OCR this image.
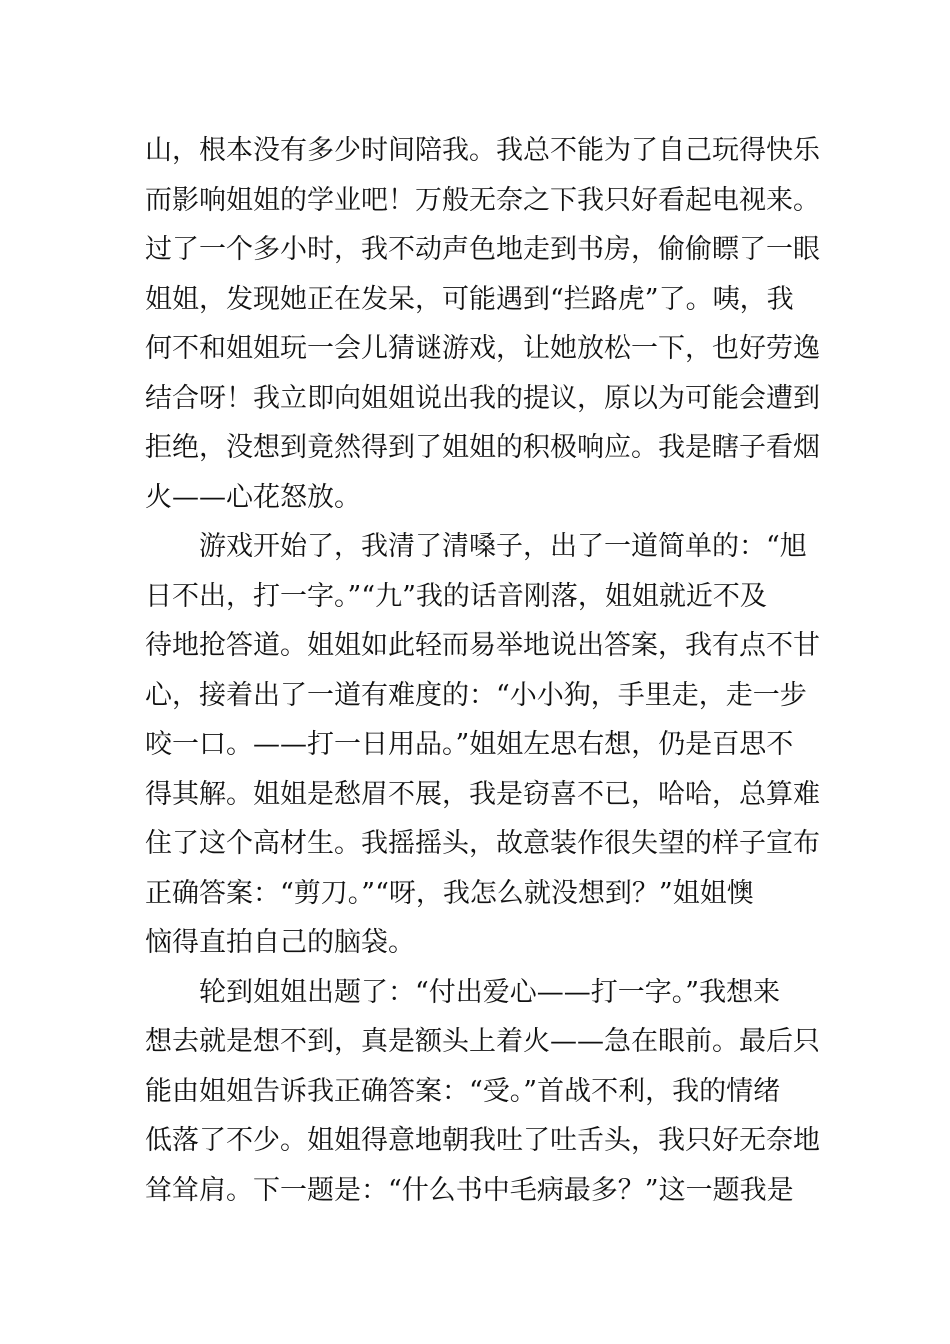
山，根本没有多少时间陪我。我总不能为了自己玩得快乐
而影响姐姐的学业吧！万般无奈之下我只好看起电视来。
过了一个多小时，我不动声色地走到书房，偷偷瞟了一眼
姐姐，发现她正在发呆，可能遇到“拦路虎”了。咦，我
何不和姐姐玩一会儿猜谜游戏，让她放松一下，也好劳逸
结合呀！我立即向姐姐说出我的提议，原以为可能会遭到
拒绝，没想到竟然得到了姐姐的积极响应。我是瞎子看烟
火——心花怒放。
　　游戏开始了，我清了清嗓子，出了一道简单的：“旭
日不出，打一字。”“九”我的话音刚落，姐姐就近不及
待地抢答道。姐姐如此轻而易举地说出答案，我有点不甘
心，接着出了一道有难度的：“小小狗，手里走，走一步
咬一口。——打一日用品。”姐姐左思右想，仍是百思不
得其解。姐姐是愁眉不展，我是窃喜不已，哈哈，总算难
住了这个高材生。我摇摇头，故意装作很失望的样子宣布
正确答案：“剪刀。”“呀，我怎么就没想到？”姐姐懊
恼得直拍自己的脑袋。
　　轮到姐姐出题了：“付出爱心——打一字。”我想来
想去就是想不到，真是额头上着火——急在眼前。最后只
能由姐姐告诉我正确答案：“受。”首战不利，我的情绪
低落了不少。姐姐得意地朝我吐了吐舌头，我只好无奈地
耸耸肩。下一题是：“什么书中毛病最多？”这一题我是
